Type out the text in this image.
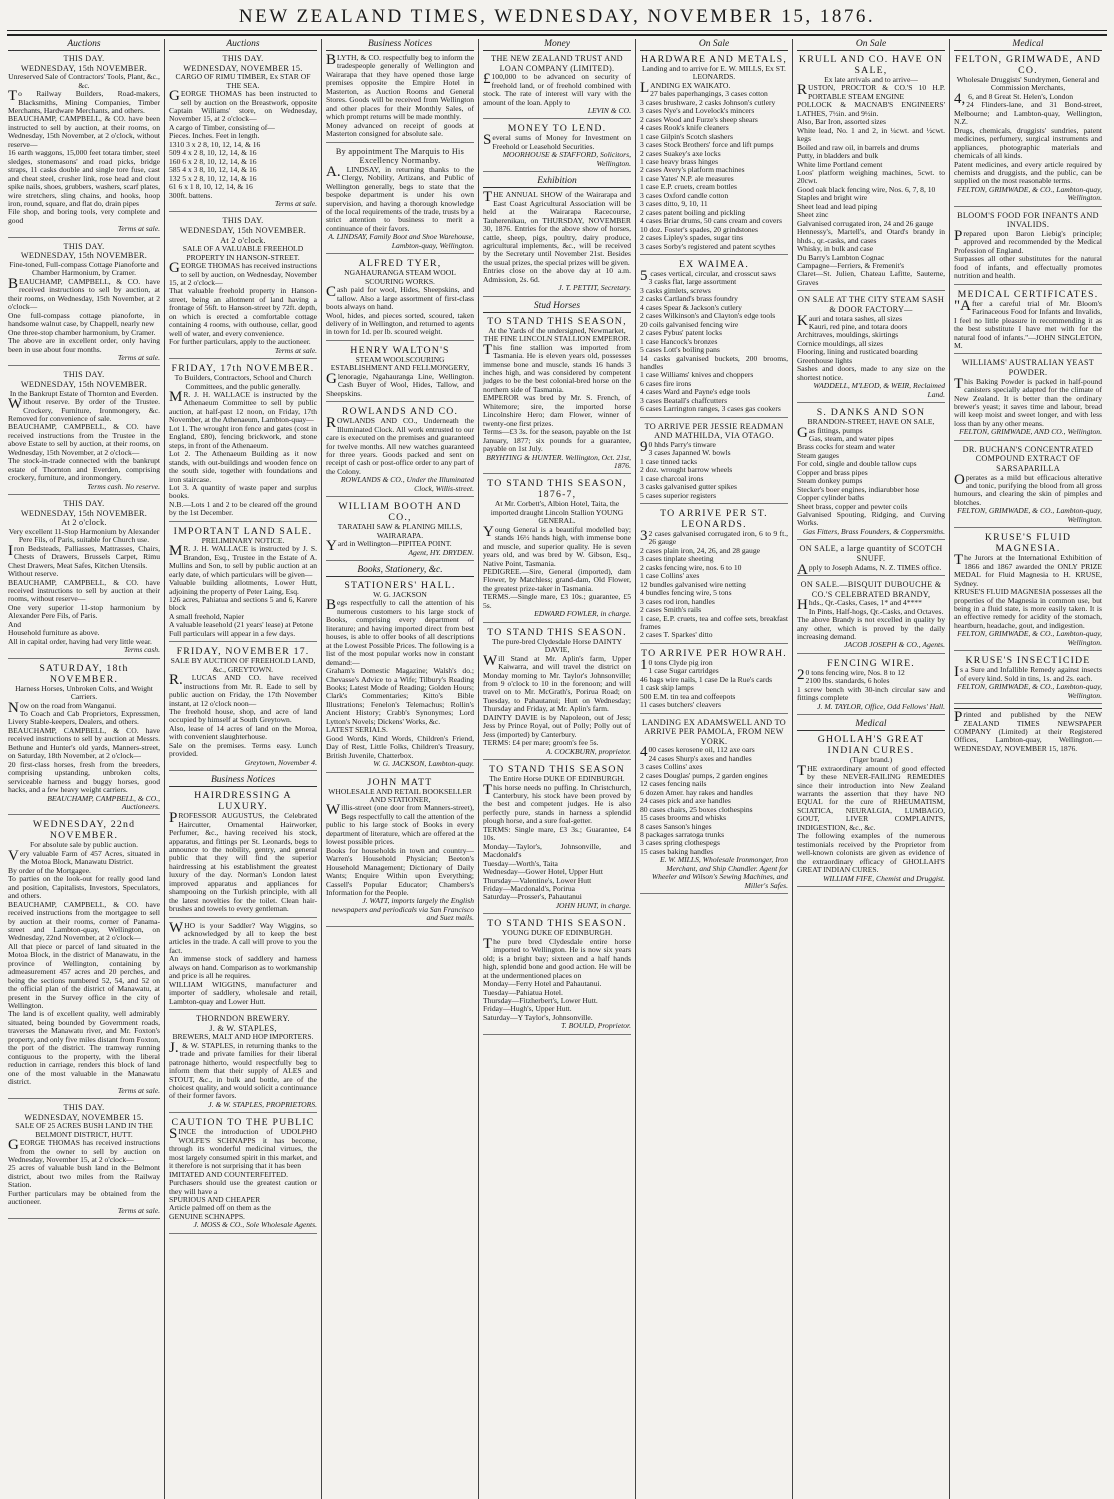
NEW ZEALAND TIMES, WEDNESDAY, NOVEMBER 15, 1876.
Auctions
THIS DAY.
WEDNESDAY, 15th NOVEMBER.
Unreserved Sale of Contractors' Tools, Plant, &c., &c.
To Railway Builders, Road-makers, Blacksmiths, Mining Companies, Timber Merchants, Hardware Merchants, and others.
BEAUCHAMP, CAMPBELL, & CO. have been instructed to sell by auction, at their rooms, on Wednesday, 15th November, at 2 o'clock, without reserve—
16 earth waggons, 15,000 feet totara timber, steel sledges, stonemasons' and road picks, bridge straps, 11 casks double and single tore fuse, cast and cheat steel, crusher link, rose head and clout spike nails, shoes, grubbers, washers, scarf plates, wire stretchers, sling chains, and hooks, hoop iron, round, square, and flat do, drain pipes
File shop, and boring tools, very complete and good
Terms at sale.
THIS DAY.
WEDNESDAY, 15th NOVEMBER.
Fine-toned, Full-compass Cottage Pianoforte and Chamber Harmonium, by Cramer.
BEAUCHAMP, CAMPBELL, & CO. have received instructions to sell by auction, at their rooms, on Wednesday, 15th November, at 2 o'clock—
One full-compass cottage pianoforte, in handsome walnut case, by Chappell, nearly new
One three-stop chamber harmonium, by Cramer.
The above are in excellent order, only having been in use about four months.
Terms at sale.
THIS DAY.
WEDNESDAY, 15th NOVEMBER.
In the Bankrupt Estate of Thornton and Everden.
Without reserve. By order of the Trustee. Crockery, Furniture, Ironmongery, &c. Removed for convenience of sale.
BEAUCHAMP, CAMPBELL, & CO. have received instructions from the Trustee in the above Estate to sell by auction, at their rooms, on Wednesday, 15th November, at 2 o'clock—
The stock-in-trade connected with the bankrupt estate of Thornton and Everden, comprising crockery, furniture, and ironmongery.
Terms cash. No reserve.
THIS DAY.
WEDNESDAY, 15th NOVEMBER.
At 2 o'clock.
Very excellent 11-Stop Harmonium by Alexander Pere Fils, of Paris, suitable for Church use.
Iron Bedsteads, Palliasses, Mattrasses, Chairs, Chests of Drawers, Brussels Carpet, Rimu Chest Drawers, Meat Safes, Kitchen Utensils.
Without reserve.
BEAUCHAMP, CAMPBELL, & CO. have received instructions to sell by auction at their rooms, without reserve—
One very superior 11-stop harmonium by Alexander Pere Fils, of Paris.
And
Household furniture as above.
All in capital order, having had very little wear.
Terms cash.
SATURDAY, 18th NOVEMBER.
Harness Horses, Unbroken Colts, and Weight Carriers.
Now on the road from Wanganui.
To Coach and Cab Proprietors, Expressmen, Livery Stable-keepers, Dealers, and others.
BEAUCHAMP, CAMPBELL, & CO. have received instructions to sell by auction at Messrs. Bethune and Hunter's old yards, Manners-street, on Saturday, 18th November, at 2 o'clock—
20 first-class horses, fresh from the breeders, comprising upstanding, unbroken colts, serviceable harness and buggy horses, good hacks, and a few heavy weight carriers.
BEAUCHAMP, CAMPBELL, & CO., Auctioneers.
WEDNESDAY, 22nd NOVEMBER.
For absolute sale by public auction.
Very valuable Farm of 457 Acres, situated in the Motoa Block, Manawatu District.
By order of the Mortgagee.
To parties on the look-out for really good land and position, Capitalists, Investors, Speculators, and others.
BEAUCHAMP, CAMPBELL, & CO. have received instructions from the mortgagee to sell by auction at their rooms, corner of Panama-street and Lambton-quay, Wellington, on Wednesday, 22nd November, at 2 o'clock—
All that piece or parcel of land situated in the Motoa Block, in the district of Manawatu, in the province of Wellington, containing by admeasurement 457 acres and 20 perches, and being the sections numbered 52, 54, and 52 on the official plan of the district of Manawatu, at present in the Survey office in the city of Wellington.
The land is of excellent quality, well admirably situated, being bounded by Government roads, traverses the Manawatu river, and Mr. Foxton's property, and only five miles distant from Foxton, the port of the district. The tramway running contiguous to the property, with the liberal reduction in carriage, renders this block of land one of the most valuable in the Manawatu district.
Terms at sale.
THIS DAY.
WEDNESDAY, NOVEMBER 15.
SALE OF 25 ACRES BUSH LAND IN THE BELMONT DISTRICT, HUTT.
GEORGE THOMAS has received instructions from the owner to sell by auction on Wednesday, November 15, at 2 o'clock—
25 acres of valuable bush land in the Belmont district, about two miles from the Railway Station.
Further particulars may be obtained from the auctioneer.
Terms at sale.
Auctions
THIS DAY.
WEDNESDAY, NOVEMBER 15.
CARGO OF RIMU TIMBER, Ex STAR OF THE SEA.
GEORGE THOMAS has been instructed to sell by auction on the Breastwork, opposite Captain Williams' store, on Wednesday, November 15, at 2 o'clock—
A cargo of Timber, consisting of—
Pieces. Inches. Feet in length.
1310 3 x 2 8, 10, 12, 14, & 16
509 4 x 2 8, 10, 12, 14, & 16
160 6 x 2 8, 10, 12, 14, & 16
585 4 x 3 8, 10, 12, 14, & 16
132 5 x 2 8, 10, 12, 14, & 16
61 6 x 1 8, 10, 12, 14, & 16
300ft. battens.
Terms at sale.
THIS DAY.
WEDNESDAY, 15th NOVEMBER.
At 2 o'clock.
SALE OF A VALUABLE FREEHOLD PROPERTY IN HANSON-STREET.
GEORGE THOMAS has received instructions to sell by auction, on Wednesday, November 15, at 2 o'clock—
That valuable freehold property in Hanson-street, being an allotment of land having a frontage of 56ft. to Hanson-street by 72ft. depth, on which is erected a comfortable cottage containing 4 rooms, with outhouse, cellar, good well of water, and every convenience.
For further particulars, apply to the auctioneer.
Terms at sale.
FRIDAY, 17th NOVEMBER.
To Builders, Contractors, School and Church Committees, and the public generally.
MR. J. H. WALLACE is instructed by the Athenaeum Committee to sell by public auction, at half-past 12 noon, on Friday, 17th November, at the Athenaeum, Lambton-quay—
Lot 1. The wrought iron fence and gates (cost in England, £80), fencing brickwork, and stone steps, in front of the Athenaeum.
Lot 2. The Athenaeum Building as it now stands, with out-buildings and wooden fence on the south side, together with foundations and iron staircase.
Lot 3. A quantity of waste paper and surplus books.
N.B.—Lots 1 and 2 to be cleared off the ground by the 1st December.
IMPORTANT LAND SALE.
PRELIMINARY NOTICE.
MR. J. H. WALLACE is instructed by J. S. Brandon, Esq., Trustee in the Estate of A. Mullins and Son, to sell by public auction at an early date, of which particulars will be given—
Valuable building allotments, Lower Hutt, adjoining the property of Peter Laing, Esq.
126 acres, Pahiatua and sections 5 and 6, Karere block
A small freehold, Napier
A valuable leasehold (21 years' lease) at Petone
Full particulars will appear in a few days.
FRIDAY, NOVEMBER 17.
SALE BY AUCTION OF FREEHOLD LAND, &c., GREYTOWN.
R. LUCAS AND CO. have received instructions from Mr. R. Eade to sell by public auction on Friday, the 17th November instant, at 12 o'clock noon—
The freehold house, shop, and acre of land occupied by himself at South Greytown.
Also, lease of 14 acres of land on the Moroa, with convenient slaughterhouse.
Sale on the premises. Terms easy. Lunch provided.
Greytown, November 4.
Business Notices
HAIRDRESSING A LUXURY.
PROFESSOR AUGUSTUS, the Celebrated Haircutter, Ornamental Hairworker, Perfumer, &c., having received his stock, apparatus, and fittings per St. Leonards, begs to announce to the nobility, gentry, and general public that they will find the superior hairdressing at his establishment the greatest luxury of the day. Norman's London latest improved apparatus and appliances for shampooing on the Turkish principle, with all the latest novelties for the toilet. Clean hair-brushes and towels to every gentleman.
WHO is your Saddler? Way Wiggins, so acknowledged by all to keep the best articles in the trade. A call will prove to you the fact.
An immense stock of saddlery and harness always on hand. Comparison as to workmanship and price is all he requires.
WILLIAM WIGGINS, manufacturer and importer of saddlery, wholesale and retail, Lambton-quay and Lower Hutt.
THORNDON BREWERY.
J. & W. STAPLES,
BREWERS, MALT AND HOP IMPORTERS.
J. & W. STAPLES, in returning thanks to the trade and private families for their liberal patronage hitherto, would respectfully beg to inform them that their supply of ALES and STOUT, &c., in bulk and bottle, are of the choicest quality, and would solicit a continuance of their former favors.
J. & W. STAPLES, PROPRIETORS.
CAUTION TO THE PUBLIC
SINCE the introduction of UDOLPHO WOLFE'S SCHNAPPS it has become, through its wonderful medicinal virtues, the most largely consumed spirit in this market, and it therefore is not surprising that it has been
IMITATED AND COUNTERFEITED.
Purchasers should use the greatest caution or they will have a
SPURIOUS AND CHEAPER
Article palmed off on them as the
GENUINE SCHNAPPS.
J. MOSS & CO., Sole Wholesale Agents.
Business Notices
BLYTH, & CO. respectfully beg to inform the tradespeople generally of Wellington and Wairarapa that they have opened those large premises opposite the Empire Hotel in Masterton, as Auction Rooms and General Stores. Goods will be received from Wellington and other places for their Monthly Sales, of which prompt returns will be made monthly.
Money advanced on receipt of goods at Masterton consigned for absolute sale.
By appointment The Marquis to His Excellency Normanby.
A. LINDSAY, in returning thanks to the Clergy, Nobility, Artizans, and Public of Wellington generally, begs to state that the bespoke department is under his own supervision, and having a thorough knowledge of the local requirements of the trade, trusts by a strict attention to business to merit a continuance of their favors.
A. LINDSAY, Family Boot and Shoe Warehouse, Lambton-quay, Wellington.
ALFRED TYER,
NGAHAURANGA STEAM WOOL SCOURING WORKS.
Cash paid for wool, Hides, Sheepskins, and tallow. Also a large assortment of first-class boots always on hand.
Wool, hides, and pieces sorted, scoured, taken delivery of in Wellington, and returned to agents in town for 1d. per lb. scoured weight.
HENRY WALTON'S
STEAM WOOLSCOURING ESTABLISHMENT AND FELLMONGERY,
Glenoragie, Ngahauranga Line, Wellington. Cash Buyer of Wool, Hides, Tallow, and Sheepskins.
ROWLANDS AND CO.
ROWLANDS AND CO., Underneath the Illuminated Clock. All work entrusted to our care is executed on the premises and guaranteed for twelve months. All new watches guaranteed for three years. Goods packed and sent on receipt of cash or post-office order to any part of the Colony.
ROWLANDS & CO., Under the Illuminated Clock, Willis-street.
WILLIAM BOOTH AND CO.,
TARATAHI SAW & PLANING MILLS, WAIRARAPA.
Yard in Wellington—PIPITEA POINT.
Agent, HY. DRYDEN.
Books, Stationery, &c.
STATIONERS' HALL.
W. G. JACKSON
Begs respectfully to call the attention of his numerous customers to his large stock of Books, comprising every department of literature; and having imported direct from best houses, is able to offer books of all descriptions at the Lowest Possible Prices. The following is a list of the most popular works now in constant demand:—
Graham's Domestic Magazine; Walsh's do.; Chevasse's Advice to a Wife; Tilbury's Reading Books; Latest Mode of Reading; Golden Hours; Clark's Commentaries; Kitto's Bible Illustrations; Fenelon's Telemachus; Rollin's Ancient History; Crabb's Synonymes; Lord Lytton's Novels; Dickens' Works, &c.
LATEST SERIALS.
Good Words, Kind Words, Children's Friend, Day of Rest, Little Folks, Children's Treasury, British Juvenile, Chatterbox.
W. G. JACKSON, Lambton-quay.
JOHN MATT
WHOLESALE AND RETAIL BOOKSELLER AND STATIONER,
Willis-street (one door from Manners-street), Begs respectfully to call the attention of the public to his large stock of Books in every department of literature, which are offered at the lowest possible prices.
Books for households in town and country—Warren's Household Physician; Beeton's Household Management; Dictionary of Daily Wants; Enquire Within upon Everything; Cassell's Popular Educator; Chambers's Information for the People.
J. WATT, imports largely the English newspapers and periodicals via San Francisco and Suez mails.
Money
THE NEW ZEALAND TRUST AND LOAN COMPANY (LIMITED).
£100,000 to be advanced on security of freehold land, or of freehold combined with stock. The rate of interest will vary with the amount of the loan. Apply to
LEVIN & CO.
MONEY TO LEND.
Several sums of Money for Investment on Freehold or Leasehold Securities.
MOORHOUSE & STAFFORD, Solicitors, Wellington.
Exhibition
THE ANNUAL SHOW of the Wairarapa and East Coast Agricultural Association will be held at the Wairarapa Racecourse, Tauherenikau, on THURSDAY, NOVEMBER 30, 1876. Entries for the above show of horses, cattle, sheep, pigs, poultry, dairy produce, agricultural implements, &c., will be received by the Secretary until November 21st. Besides the usual prizes, the special prizes will be given.
Entries close on the above day at 10 a.m. Admission, 2s. 6d.
J. T. PETTIT, Secretary.
Stud Horses
TO STAND THIS SEASON,
At the Yards of the undersigned, Newmarket, THE FINE LINCOLN STALLION EMPEROR.
This fine stallion was imported from Tasmania. He is eleven years old, possesses immense bone and muscle, stands 16 hands 3 inches high, and was considered by competent judges to be the best colonial-bred horse on the northern side of Tasmania.
EMPEROR was bred by Mr. S. French, of Whitemore; sire, the imported horse Lincolnshire Hero; dam Flower, winner of twenty-one first prizes.
Terms—£3 3s. for the season, payable on the 1st January, 1877; six pounds for a guarantee, payable on 1st July.
BRYHTING & HUNTER. Wellington, Oct. 21st, 1876.
TO STAND THIS SEASON, 1876-7,
At Mr. Corbett's, Albion Hotel, Taita, the imported draught Lincoln Stallion YOUNG GENERAL.
Young General is a beautiful modelled bay; stands 16½ hands high, with immense bone and muscle, and superior quality. He is seven years old, and was bred by W. Gibson, Esq., Native Point, Tasmania.
PEDIGREE.—Sire, General (imported), dam Flower, by Matchless; grand-dam, Old Flower, the greatest prize-taker in Tasmania.
TERMS.—Single mare, £3 10s.; guarantee, £5 5s.
EDWARD FOWLER, in charge.
TO STAND THIS SEASON.
The pure-bred Clydesdale Horse DAINTY DAVIE,
Will Stand at Mr. Aplin's farm, Upper Kaiwarra, and will travel the district on Monday morning to Mr. Taylor's Johnsonville; from 9 o'clock to 10 in the forenoon; and will travel on to Mr. McGrath's, Porirua Road; on Tuesday, to Pahautanui; Hutt on Wednesday; Thursday and Friday, at Mr. Aplin's farm.
DAINTY DAVIE is by Napoleon, out of Jess; Jess by Prince Royal, out of Polly; Polly out of Jess (imported) by Canterbury.
TERMS: £4 per mare; groom's fee 5s.
A. COCKBURN, proprietor.
TO STAND THIS SEASON
The Entire Horse DUKE OF EDINBURGH.
This horse needs no puffing. In Christchurch, Canterbury, his stock have been proved by the best and competent judges. He is also perfectly pure, stands in harness a splendid plough horse, and a sure foal-getter.
TERMS: Single mare, £3 3s.; Guarantee, £4 10s.
Monday—Taylor's, Johnsonville, and Macdonald's
Tuesday—Worth's, Taita
Wednesday—Gower Hotel, Upper Hutt
Thursday—Valentine's, Lower Hutt
Friday—Macdonald's, Porirua
Saturday—Prosser's, Pahautanui
JOHN HUNT, in charge.
TO STAND THIS SEASON.
YOUNG DUKE OF EDINBURGH.
The pure bred Clydesdale entire horse imported to Wellington. He is now six years old; is a bright bay; sixteen and a half hands high, splendid bone and good action. He will be at the undermentioned places on
Monday—Ferry Hotel and Pahautanui.
Tuesday—Pahiatua Hotel.
Thursday—Fitzherbert's, Lower Hutt.
Friday—Hugh's, Upper Hutt.
Saturday—Y Taylor's, Johnsonville.
T. BOULD, Proprietor.
On Sale
HARDWARE AND METALS,
Landing and to arrive for E. W. MILLS, Ex ST. LEONARDS.
LANDING EX WAIKATO.
27 bales paperhangings, 3 cases cotton
3 cases brushware, 2 casks Johnson's cutlery
3 cases Nye's and Lovelock's mincers
2 cases Wood and Furze's sheep shears
4 cases Rook's knife cleaners
1 case Gilpin's Scotch slashers
3 cases Stock Brothers' force and lift pumps
2 cases Suakey's axe locks
1 case heavy brass hinges
2 cases Avery's platform machines
1 case Yates' N.P. ale measures
1 case E.P. cruets, cream bottles
3 cases Oxford candle cotton
3 cases ditto, 9, 10, 11
2 cases patent boiling and pickling
4 cases Briar drums, 50 cans cream and covers
10 doz. Foster's spades, 20 grindstones
2 cases Lipley's spades, sugar tins
3 cases Sorby's registered and patent scythes
EX WAIMEA.
5 cases vertical, circular, and crosscut saws
3 casks flat, large assortment
3 casks gimlets, screws
2 casks Cartland's brass foundry
4 cases Spear & Jackson's cutlery
2 cases Wilkinson's and Clayton's edge tools
20 coils galvanised fencing wire
2 cases Pybus' patent locks
1 case Hancock's bronzes
5 cases Lott's boiling pans
14 casks galvanised buckets, 200 brooms, handles
1 case Williams' knives and choppers
6 cases fire irons
4 cases Ward and Payne's edge tools
3 cases Beatall's chaffcutters
6 cases Larrington ranges, 3 cases gas cookers
TO ARRIVE PER JESSIE READMAN AND MATHILDA, VIA OTAGO.
90 hhds Parry's tinware
3 cases Japanned W. bowls
1 case tinned tacks
2 doz. wrought barrow wheels
1 case charcoal irons
3 casks galvanised gutter spikes
5 cases superior registers
TO ARRIVE PER ST. LEONARDS.
32 cases galvanised corrugated iron, 6 to 9 ft., 26 gauge
2 cases plain iron, 24, 26, and 28 gauge
3 cases tinplate sheeting
2 casks fencing wire, nos. 6 to 10
1 case Collins' axes
12 bundles galvanised wire netting
4 bundles fencing wire, 5 tons
3 cases rod iron, handles
2 cases Smith's rails
1 case, E.P. cruets, tea and coffee sets, breakfast frames
2 cases T. Sparkes' ditto
TO ARRIVE PER HOWRAH.
10 tons Clyde pig iron
1 case Sugar cartridges
46 bags wire nails, 1 case De la Rue's cards
1 cask skip lamps
500 E.M. tin tea and coffeepots
11 cases butchers' cleavers
LANDING EX ADAMSWELL AND TO ARRIVE PER PAMOLA, FROM NEW YORK.
400 cases kerosene oil, 112 axe oars
24 cases Shurp's axes and handles
3 cases Collins' axes
2 cases Douglas' pumps, 2 garden engines
12 cases fencing nails
6 dozen Amer. hay rakes and handles
24 cases pick and axe handles
80 cases chairs, 25 boxes clothespins
15 cases brooms and whisks
8 cases Sanson's hinges
8 packages sarratoga trunks
3 cases spring clothespegs
15 cases baking handles
E. W. MILLS, Wholesale Ironmonger, Iron Merchant, and Ship Chandler. Agent for Wheeler and Wilson's Sewing Machines, and Miller's Safes.
On Sale
KRULL AND CO. HAVE ON SALE,
Ex late arrivals and to arrive—
RUSTON, PROCTOR & CO.'S 10 H.P. PORTABLE STEAM ENGINE
POLLOCK & MACNAB'S ENGINEERS' LATHES, 7½in. and 9½in.
Also, Bar Iron, assorted sizes
White lead, No. 1 and 2, in ¼cwt. and ½cwt. kegs
Boiled and raw oil, in barrels and drums
Putty, in bladders and bulk
White lime Portland cement
Loos' platform weighing machines, 5cwt. to 20cwt.
Good oak black fencing wire, Nos. 6, 7, 8, 10
Staples and bright wire
Sheet lead and lead piping
Sheet zinc
Galvanised corrugated iron, 24 and 26 gauge
Hennessy's, Martell's, and Otard's brandy in hhds., qr.-casks, and cases
Whisky, in bulk and case
Du Barry's Lambton Cognac
Campagne—Ferriers, & Fremenit's
Claret—St. Julien, Chateau Lafitte, Sauterne, Graves
ON SALE AT THE CITY STEAM SASH & DOOR FACTORY—
Kauri and totara sashes, all sizes
Kauri, red pine, and totara doors
Architraves, mouldings, skirtings
Cornice mouldings, all sizes
Flooring, lining and rusticated boarding
Greenhouse lights
Sashes and doors, made to any size on the shortest notice.
WADDELL, M'LEOD, & WEIR, Reclaimed Land.
S. DANKS AND SON
BRANDON-STREET, HAVE ON SALE,
Gas fittings, pumps
Gas, steam, and water pipes
Brass cocks for steam and water
Steam gauges
For cold, single and double tallow cups
Copper and brass pipes
Steam donkey pumps
Stecker's boer engines, indiarubber hose
Copper cylinder baths
Sheet brass, copper and pewter coils
Galvanised Spouting, Ridging, and Curving Works.
Gas Fitters, Brass Founders, & Coppersmiths.
ON SALE, a large quantity of SCOTCH SNUFF.
Apply to Joseph Adams, N. Z. TIMES office.
ON SALE.—BISQUIT DUBOUCHE & CO.'S CELEBRATED BRANDY,
Hhds., Qr.-Casks, Cases, 1* and 4****
In Pints, Half-hogs, Qr.-Casks, and Octaves.
The above Brandy is not excelled in quality by any other, which is proved by the daily increasing demand.
JACOB JOSEPH & CO., Agents.
FENCING WIRE.
20 tons fencing wire, Nos. 8 to 12
2100 lbs. standards, 6 holes
1 screw bench with 30-inch circular saw and fittings complete
J. M. TAYLOR, Office, Odd Fellows' Hall.
Medical
GHOLLAH'S GREAT INDIAN CURES.
(Tiger brand.)
THE extraordinary amount of good effected by these NEVER-FAILING REMEDIES since their introduction into New Zealand warrants the assertion that they have NO EQUAL for the cure of RHEUMATISM, SCIATICA, NEURALGIA, LUMBAGO, GOUT, LIVER COMPLAINTS, INDIGESTION, &c., &c.
The following examples of the numerous testimonials received by the Proprietor from well-known colonists are given as evidence of the extraordinary efficacy of GHOLLAH'S GREAT INDIAN CURES.
WILLIAM FIFE, Chemist and Druggist.
Medical
FELTON, GRIMWADE, AND CO.
Wholesale Druggists' Sundrymen, General and Commission Merchants,
4, 6, and 8 Great St. Helen's, London
24 Flinders-lane, and 31 Bond-street, Melbourne; and Lambton-quay, Wellington, N.Z.
Drugs, chemicals, druggists' sundries, patent medicines, perfumery, surgical instruments and appliances, photographic materials and chemicals of all kinds.
Patent medicines, and every article required by chemists and druggists, and the public, can be supplied on the most reasonable terms.
FELTON, GRIMWADE, & CO., Lambton-quay, Wellington.
BLOOM'S FOOD FOR INFANTS AND INVALIDS.
Prepared upon Baron Liebig's principle; approved and recommended by the Medical Profession of England.
Surpasses all other substitutes for the natural food of infants, and effectually promotes nutrition and health.
MEDICAL CERTIFICATES.
"After a careful trial of Mr. Bloom's Farinaceous Food for Infants and Invalids, I feel no little pleasure in recommending it as the best substitute I have met with for the natural food of infants."—JOHN SINGLETON, M.
WILLIAMS' AUSTRALIAN YEAST POWDER.
This Baking Powder is packed in half-pound canisters specially adapted for the climate of New Zealand. It is better than the ordinary brewer's yeast; it saves time and labour, bread will keep moist and sweet longer, and with less loss than by any other means.
FELTON, GRIMWADE, AND CO., Wellington.
DR. BUCHAN'S CONCENTRATED COMPOUND EXTRACT OF SARSAPARILLA
Operates as a mild but efficacious alterative and tonic, purifying the blood from all gross humours, and clearing the skin of pimples and blotches.
FELTON, GRIMWADE, & CO., Lambton-quay, Wellington.
KRUSE'S FLUID MAGNESIA.
The Jurors at the International Exhibition of 1866 and 1867 awarded the ONLY PRIZE MEDAL for Fluid Magnesia to H. KRUSE, Sydney.
KRUSE'S FLUID MAGNESIA possesses all the properties of the Magnesia in common use, but being in a fluid state, is more easily taken. It is an effective remedy for acidity of the stomach, heartburn, headache, gout, and indigestion.
FELTON, GRIMWADE, & CO., Lambton-quay, Wellington.
KRUSE'S INSECTICIDE
Is a Sure and Infallible Remedy against insects of every kind. Sold in tins, 1s. and 2s. each.
FELTON, GRIMWADE, & CO., Lambton-quay, Wellington.
Printed and published by the NEW ZEALAND TIMES NEWSPAPER COMPANY (Limited) at their Registered Offices, Lambton-quay, Wellington.—WEDNESDAY, NOVEMBER 15, 1876.
